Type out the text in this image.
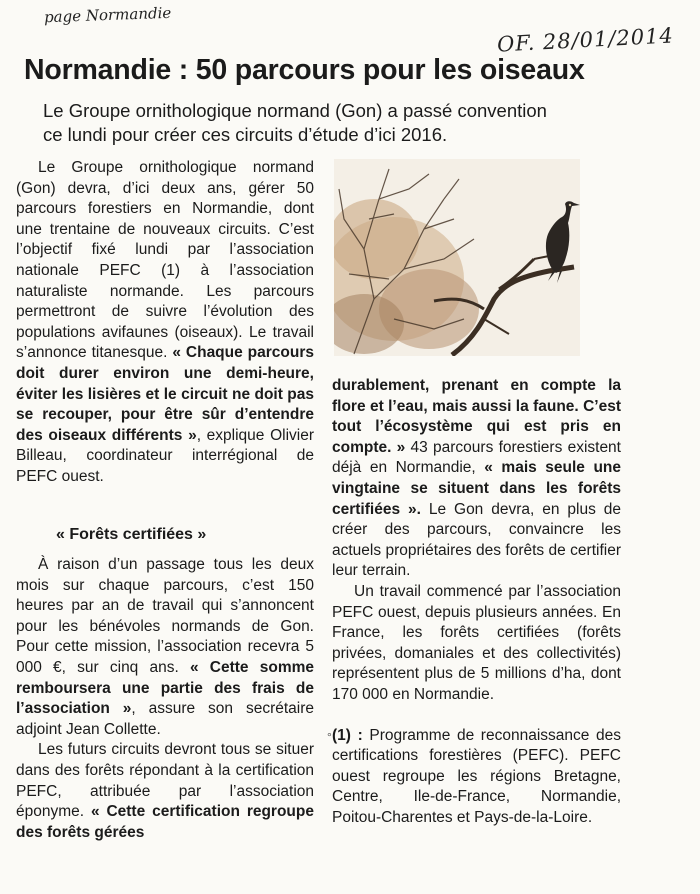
page Normandie
OF. 28/01/2014
Normandie : 50 parcours pour les oiseaux
Le Groupe ornithologique normand (Gon) a passé convention
ce lundi pour créer ces circuits d’étude d’ici 2016.

Le Groupe ornithologique normand (Gon) devra, d’ici deux ans, gérer 50 parcours forestiers en Normandie, dont une trentaine de nouveaux circuits. C’est l’objectif fixé lundi par l’association nationale PEFC (1) à l’association naturaliste normande. Les parcours permettront de suivre l’évolution des populations avifaunes (oiseaux). Le travail s’annonce titanesque. « Chaque parcours doit durer environ une demi-heure, éviter les lisières et le circuit ne doit pas se recouper, pour être sûr d’entendre des oiseaux différents », explique Olivier Billeau, coordinateur interrégional de PEFC ouest.

« Forêts certifiées »

À raison d’un passage tous les deux mois sur chaque parcours, c’est 150 heures par an de travail qui s’annoncent pour les bénévoles normands de Gon. Pour cette mission, l’association recevra 5 000 €, sur cinq ans. « Cette somme remboursera une partie des frais de l’association », assure son secrétaire adjoint Jean Collette.

Les futurs circuits devront tous se situer dans des forêts répondant à la certification PEFC, attribuée par l’association éponyme. « Cette certification regroupe des forêts gérées

durablement, prenant en compte la flore et l’eau, mais aussi la faune. C’est tout l’écosystème qui est pris en compte. » 43 parcours forestiers existent déjà en Normandie, « mais seule une vingtaine se situent dans les forêts certifiées ». Le Gon devra, en plus de créer des parcours, convaincre les actuels propriétaires des forêts de certifier leur terrain.

Un travail commencé par l’association PEFC ouest, depuis plusieurs années. En France, les forêts certifiées (forêts privées, domaniales et des collectivités) représentent plus de 5 millions d’ha, dont 170 000 en Normandie.

(1) : Programme de reconnaissance des certifications forestières (PEFC). PEFC ouest regroupe les régions Bretagne, Centre, Ile-de-France, Normandie, Poitou-Charentes et Pays-de-la-Loire.

°
